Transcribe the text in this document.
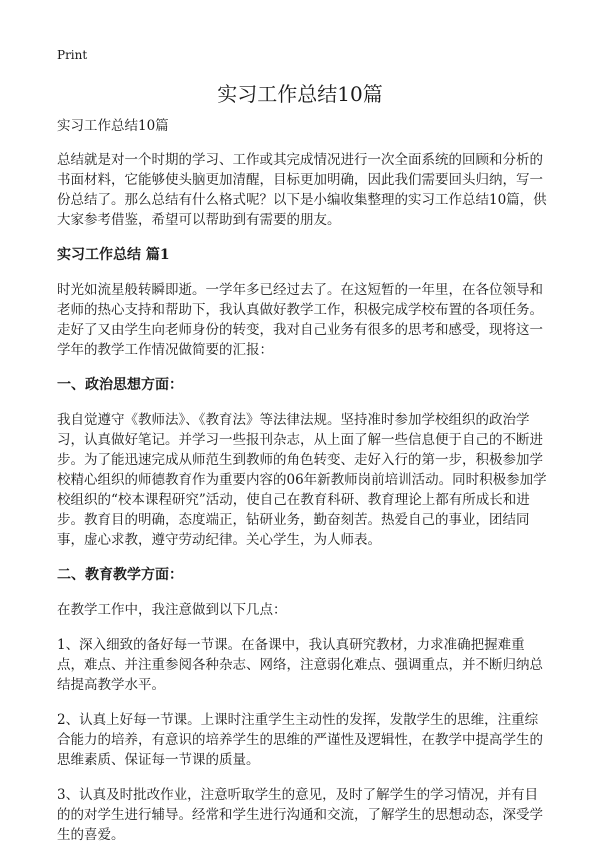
Print
实习工作总结10篇

实习工作总结10篇

总结就是对一个时期的学习、工作或其完成情况进行一次全面系统的回顾和分析的书面材料，它能够使头脑更加清醒，目标更加明确，因此我们需要回头归纳，写一份总结了。那么总结有什么格式呢？以下是小编收集整理的实习工作总结10篇，供大家参考借鉴，希望可以帮助到有需要的朋友。

实习工作总结 篇1

时光如流星般转瞬即逝。一学年多已经过去了。在这短暂的一年里，在各位领导和老师的热心支持和帮助下，我认真做好教学工作，积极完成学校布置的各项任务。走好了又由学生向老师身份的转变，我对自己业务有很多的思考和感受，现将这一学年的教学工作情况做简要的汇报：

一、政治思想方面：

我自觉遵守《教师法》、《教育法》等法律法规。坚持准时参加学校组织的政治学习，认真做好笔记。并学习一些报刊杂志，从上面了解一些信息便于自己的不断进步。为了能迅速完成从师范生到教师的角色转变、走好入行的第一步，积极参加学校精心组织的师德教育作为重要内容的06年新教师岗前培训活动。同时积极参加学校组织的“校本课程研究”活动，使自己在教育科研、教育理论上都有所成长和进步。教育目的明确，态度端正，钻研业务，勤奋刻苦。热爱自己的事业，团结同事，虚心求教，遵守劳动纪律。关心学生，为人师表。

二、教育教学方面：

在教学工作中，我注意做到以下几点：

1、深入细致的备好每一节课。在备课中，我认真研究教材，力求准确把握难重点，难点、并注重参阅各种杂志、网络，注意弱化难点、强调重点，并不断归纳总结提高教学水平。

2、认真上好每一节课。上课时注重学生主动性的发挥，发散学生的思维，注重综合能力的培养，有意识的培养学生的思维的严谨性及逻辑性，在教学中提高学生的思维素质、保证每一节课的质量。

3、认真及时批改作业，注意听取学生的意见，及时了解学生的学习情况，并有目的的对学生进行辅导。经常和学生进行沟通和交流，了解学生的思想动态，深受学生的喜爱。
